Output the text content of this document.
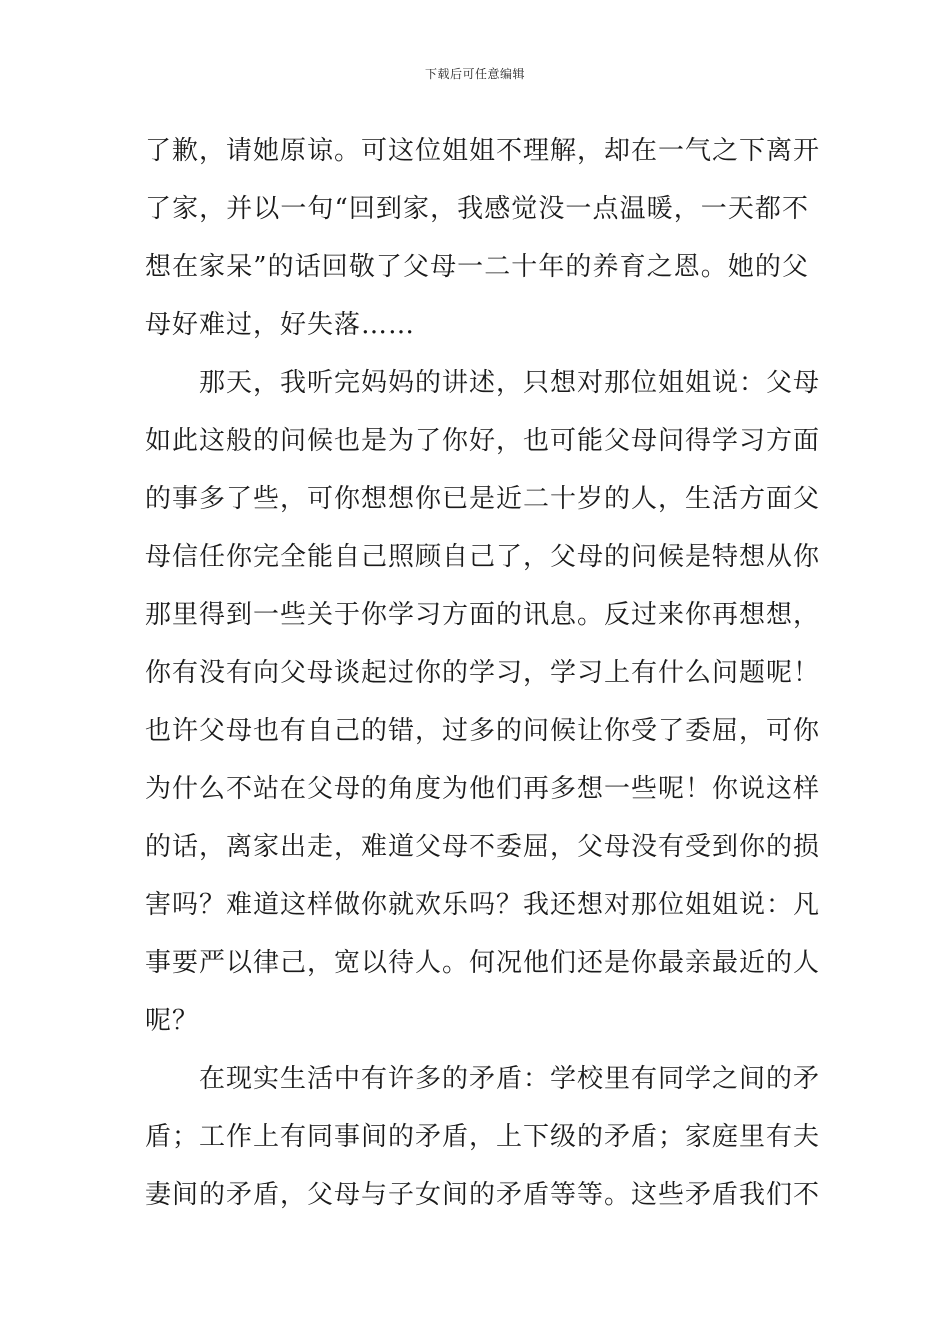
下载后可任意编辑
了歉，请她原谅。可这位姐姐不理解，却在一气之下离开
了家，并以一句“回到家，我感觉没一点温暖，一天都不
想在家呆”的话回敬了父母一二十年的养育之恩。她的父
母好难过，好失落……
　　那天，我听完妈妈的讲述，只想对那位姐姐说：父母
如此这般的问候也是为了你好，也可能父母问得学习方面
的事多了些，可你想想你已是近二十岁的人，生活方面父
母信任你完全能自己照顾自己了，父母的问候是特想从你
那里得到一些关于你学习方面的讯息。反过来你再想想，
你有没有向父母谈起过你的学习，学习上有什么问题呢！
也许父母也有自己的错，过多的问候让你受了委屈，可你
为什么不站在父母的角度为他们再多想一些呢！你说这样
的话，离家出走，难道父母不委屈，父母没有受到你的损
害吗？难道这样做你就欢乐吗？我还想对那位姐姐说：凡
事要严以律己，宽以待人。何况他们还是你最亲最近的人
呢？
　　在现实生活中有许多的矛盾：学校里有同学之间的矛
盾；工作上有同事间的矛盾，上下级的矛盾；家庭里有夫
妻间的矛盾，父母与子女间的矛盾等等。这些矛盾我们不
